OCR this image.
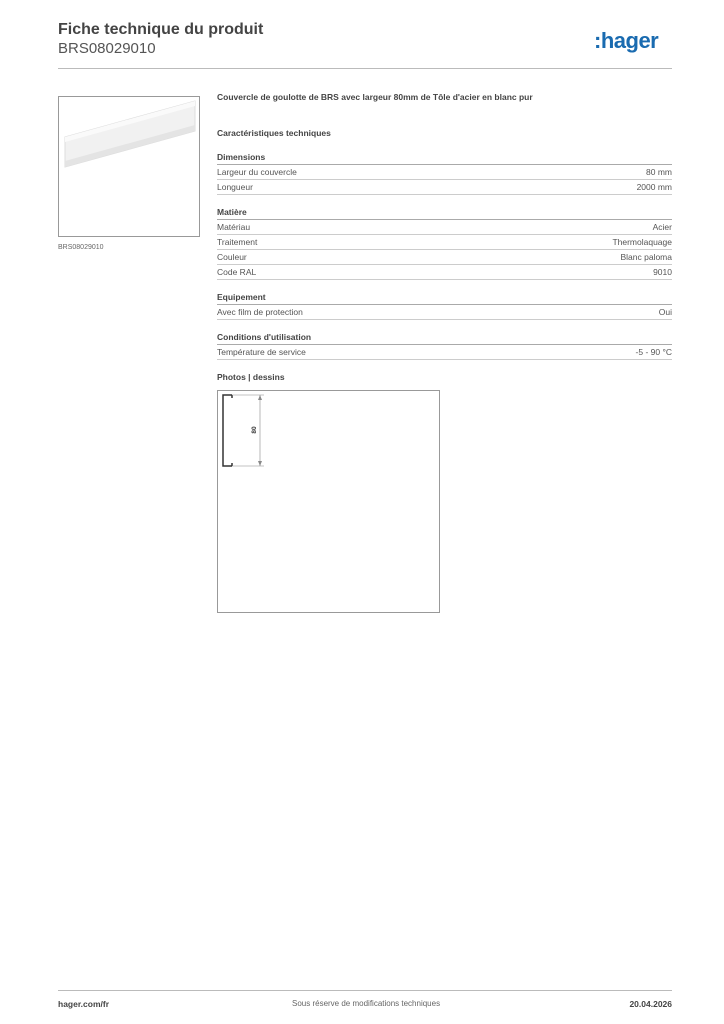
Fiche technique du produit
BRS08029010	:hager
BRS08029010
Couvercle de goulotte de BRS avec largeur 80mm de Tôle d'acier en blanc pur
Caractéristiques techniques
Dimensions
Largeur du couvercle	80 mm
Longueur	2000 mm
Matière
Matériau	Acier
Traitement	Thermolaquage
Couleur	Blanc paloma
Code RAL	9010
Equipement
Avec film de protection	Oui
Conditions d'utilisation
Température de service	-5 - 90 °C
Photos | dessins
80
hager.com/fr	Sous réserve de modifications techniques	20.04.2026
